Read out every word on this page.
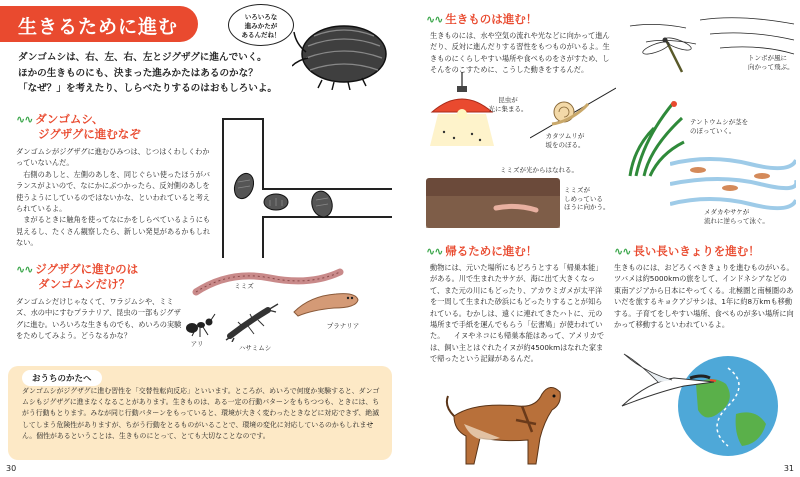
生きるために進む	いろいろな
進みかたが
あるんだね！
ダンゴムシは、右、左、右、左とジグザグに進んでいく。
ほかの生きものにも、決まった進みかたはあるのかな？
「なぜ？」を考えたり、しらべたりするのはおもしろいよ。
∿∿ ダンゴムシ、
ジグザグに進むなぞ
ダンゴムシがジグザグに進むひみつは、じつはくわしくわかっていないんだ。
　右側のあしと、左側のあしを、同じぐらい使ったほうがバランスがよいので、なにかにぶつかったら、反対側のあしを使うようにしているのではないかな、といわれていると考えられているよ。
　まがるときに触角を使ってなにかをしらべているようにも見えるし、たくさん観察したら、新しい発見があるかもしれない。
∿∿ ジグザグに進むのは
ダンゴムシだけ？
ダンゴムシだけじゃなくて、ワラジムシや、ミミズ、水の中にすむプラナリア、昆虫の一部もジグザグに進む。いろいろな生きものでも、めいろの実験をためしてみよう。どうなるかな？
ミミズ
プラナリア
アリ	ハサミムシ
おうちのかたへ
ダンゴムシがジグザグに進む習性を「交替性転向反応」といいます。ところが、めいろで何度か実験すると、ダンゴムシもジグザグに進まなくなることがあります。生きものは、ある一定の行動パターンをもちつつも、ときには、ちがう行動もとります。みなが同じ行動パターンをもっていると、環境が大きく変わったときなどに対応できず、絶滅してしまう危険性がありますが、ちがう行動をとるものがいることで、環境の変化に対応しているのかもしれません。個性があるということは、生きものにとって、とても大切なことなのです。
30
∿∿ 生きものは進む！
生きものには、水や空気の流れや光などに向かって進んだり、反対に進んだりする習性をもつものがいるよ。生きものにくらしやすい場所や食べものをさがすため、しそんをのこすために、こうした動きをするんだ。
トンボが風に
向かって飛ぶ。
昆虫が
光に集まる。
カタツムリが
坂をのぼる。
テントウムシが茎を
のぼっていく。
ミミズが光からはなれる。
ミミズが
しめっている
ほうに向かう。
メダカやサケが
流れに逆らって泳ぐ。
∿∿ 帰るために進む！
動物には、元いた場所にもどろうとする「帰巣本能」がある。川で生まれたサケが、海に出て大きくなって、また元の川にもどったり、アカウミガメが太平洋を一周して生まれた砂浜にもどったりすることが知られている。むかしは、遠くに連れてきたハトに、元の場所まで手紙を運んでもらう「伝書鳩」が使われていた。 　イヌやネコにも帰巣本能はあって、アメリカでは、飼い主とはぐれたイヌが約4500kmはなれた家まで帰ったという記録があるんだ。
∿∿ 長い長いきょりを進む！
生きものには、おどろくべききょりを進むものがいる。ツバメは約5000kmの旅をして、インドネシアなどの東南アジアから日本にやってくる。北極圏と南極圏のあいだを旅するキョクアジサシは、1年に約8万kmも移動する。子育てをしやすい場所、食べものが多い場所に向かって移動するといわれているよ。
31
